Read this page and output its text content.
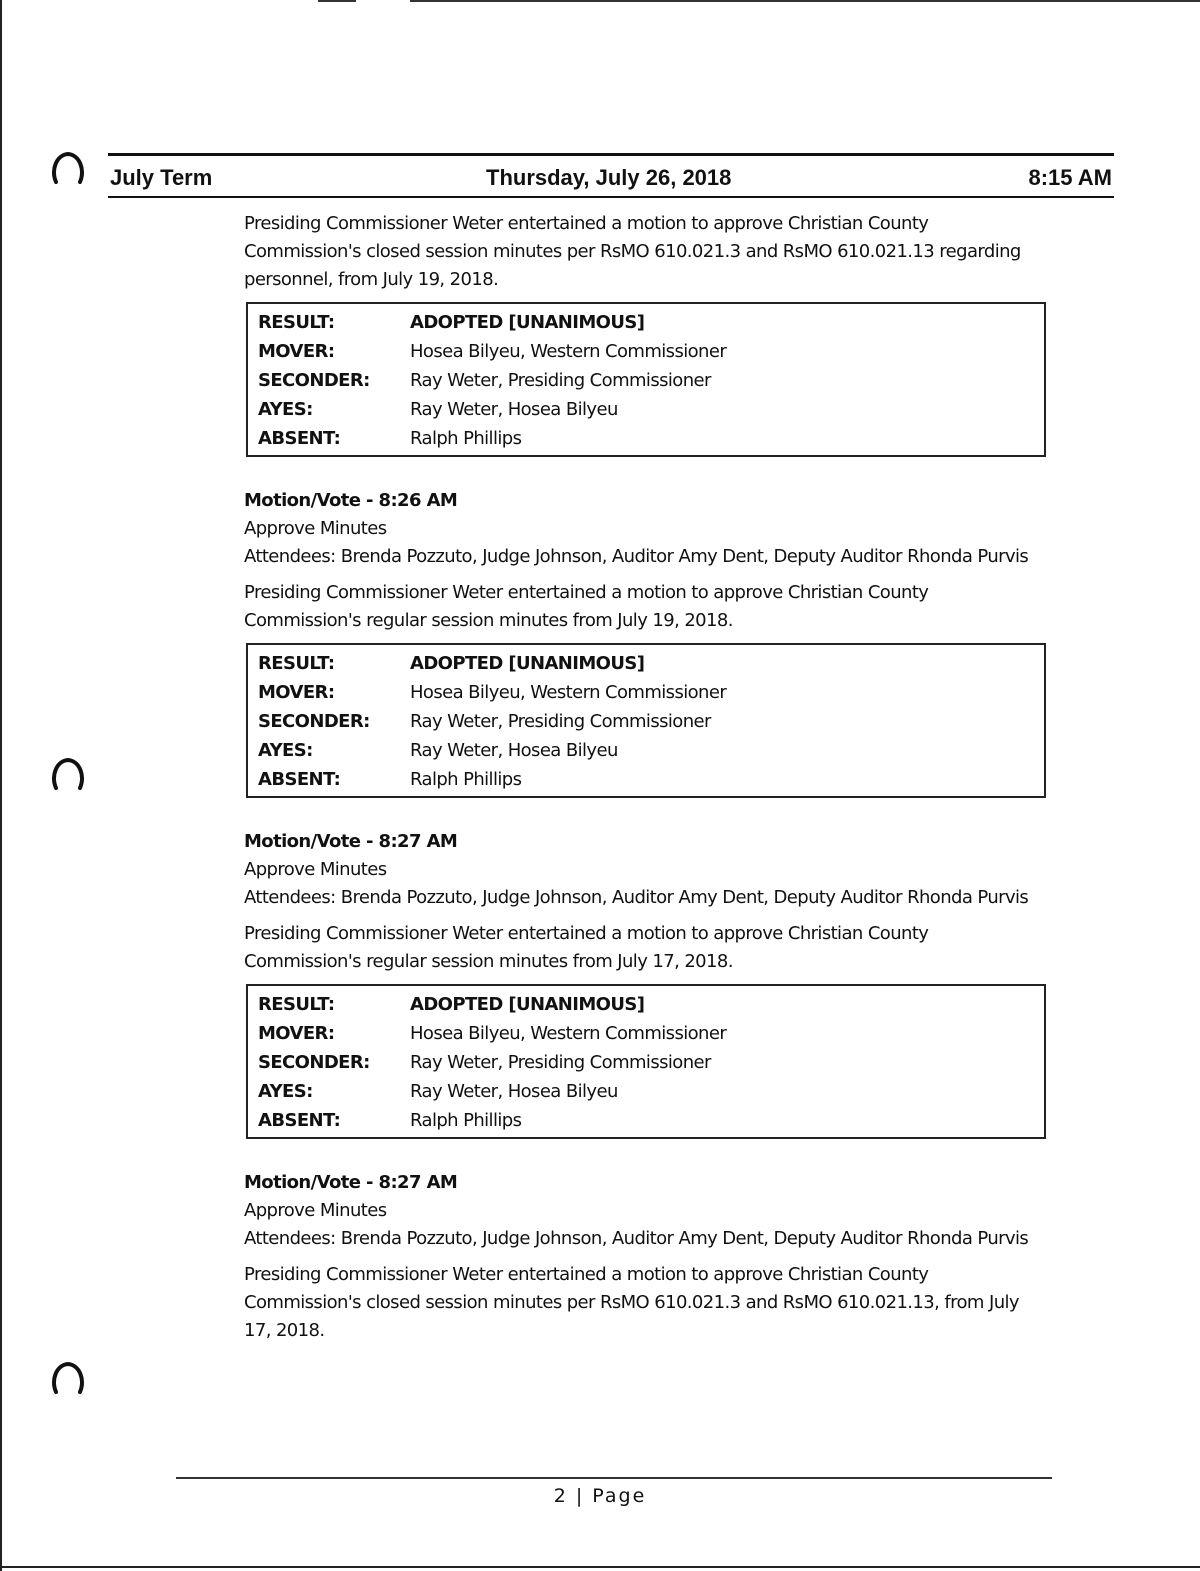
July Term	Thursday, July 26, 2018	8:15 AM

Presiding Commissioner Weter entertained a motion to approve Christian County Commission's closed session minutes per RsMO 610.021.3 and RsMO 610.021.13 regarding personnel, from July 19, 2018.

RESULT:	ADOPTED [UNANIMOUS]
MOVER:	Hosea Bilyeu, Western Commissioner
SECONDER:	Ray Weter, Presiding Commissioner
AYES:	Ray Weter, Hosea Bilyeu
ABSENT:	Ralph Phillips
Motion/Vote - 8:26 AM
Approve Minutes
Attendees: Brenda Pozzuto, Judge Johnson, Auditor Amy Dent, Deputy Auditor Rhonda Purvis

Presiding Commissioner Weter entertained a motion to approve Christian County Commission's regular session minutes from July 19, 2018.

RESULT:	ADOPTED [UNANIMOUS]
MOVER:	Hosea Bilyeu, Western Commissioner
SECONDER:	Ray Weter, Presiding Commissioner
AYES:	Ray Weter, Hosea Bilyeu
ABSENT:	Ralph Phillips
Motion/Vote - 8:27 AM
Approve Minutes
Attendees: Brenda Pozzuto, Judge Johnson, Auditor Amy Dent, Deputy Auditor Rhonda Purvis

Presiding Commissioner Weter entertained a motion to approve Christian County Commission's regular session minutes from July 17, 2018.

RESULT:	ADOPTED [UNANIMOUS]
MOVER:	Hosea Bilyeu, Western Commissioner
SECONDER:	Ray Weter, Presiding Commissioner
AYES:	Ray Weter, Hosea Bilyeu
ABSENT:	Ralph Phillips
Motion/Vote - 8:27 AM
Approve Minutes
Attendees: Brenda Pozzuto, Judge Johnson, Auditor Amy Dent, Deputy Auditor Rhonda Purvis

Presiding Commissioner Weter entertained a motion to approve Christian County Commission's closed session minutes per RsMO 610.021.3 and RsMO 610.021.13, from July 17, 2018.

2 | Page
